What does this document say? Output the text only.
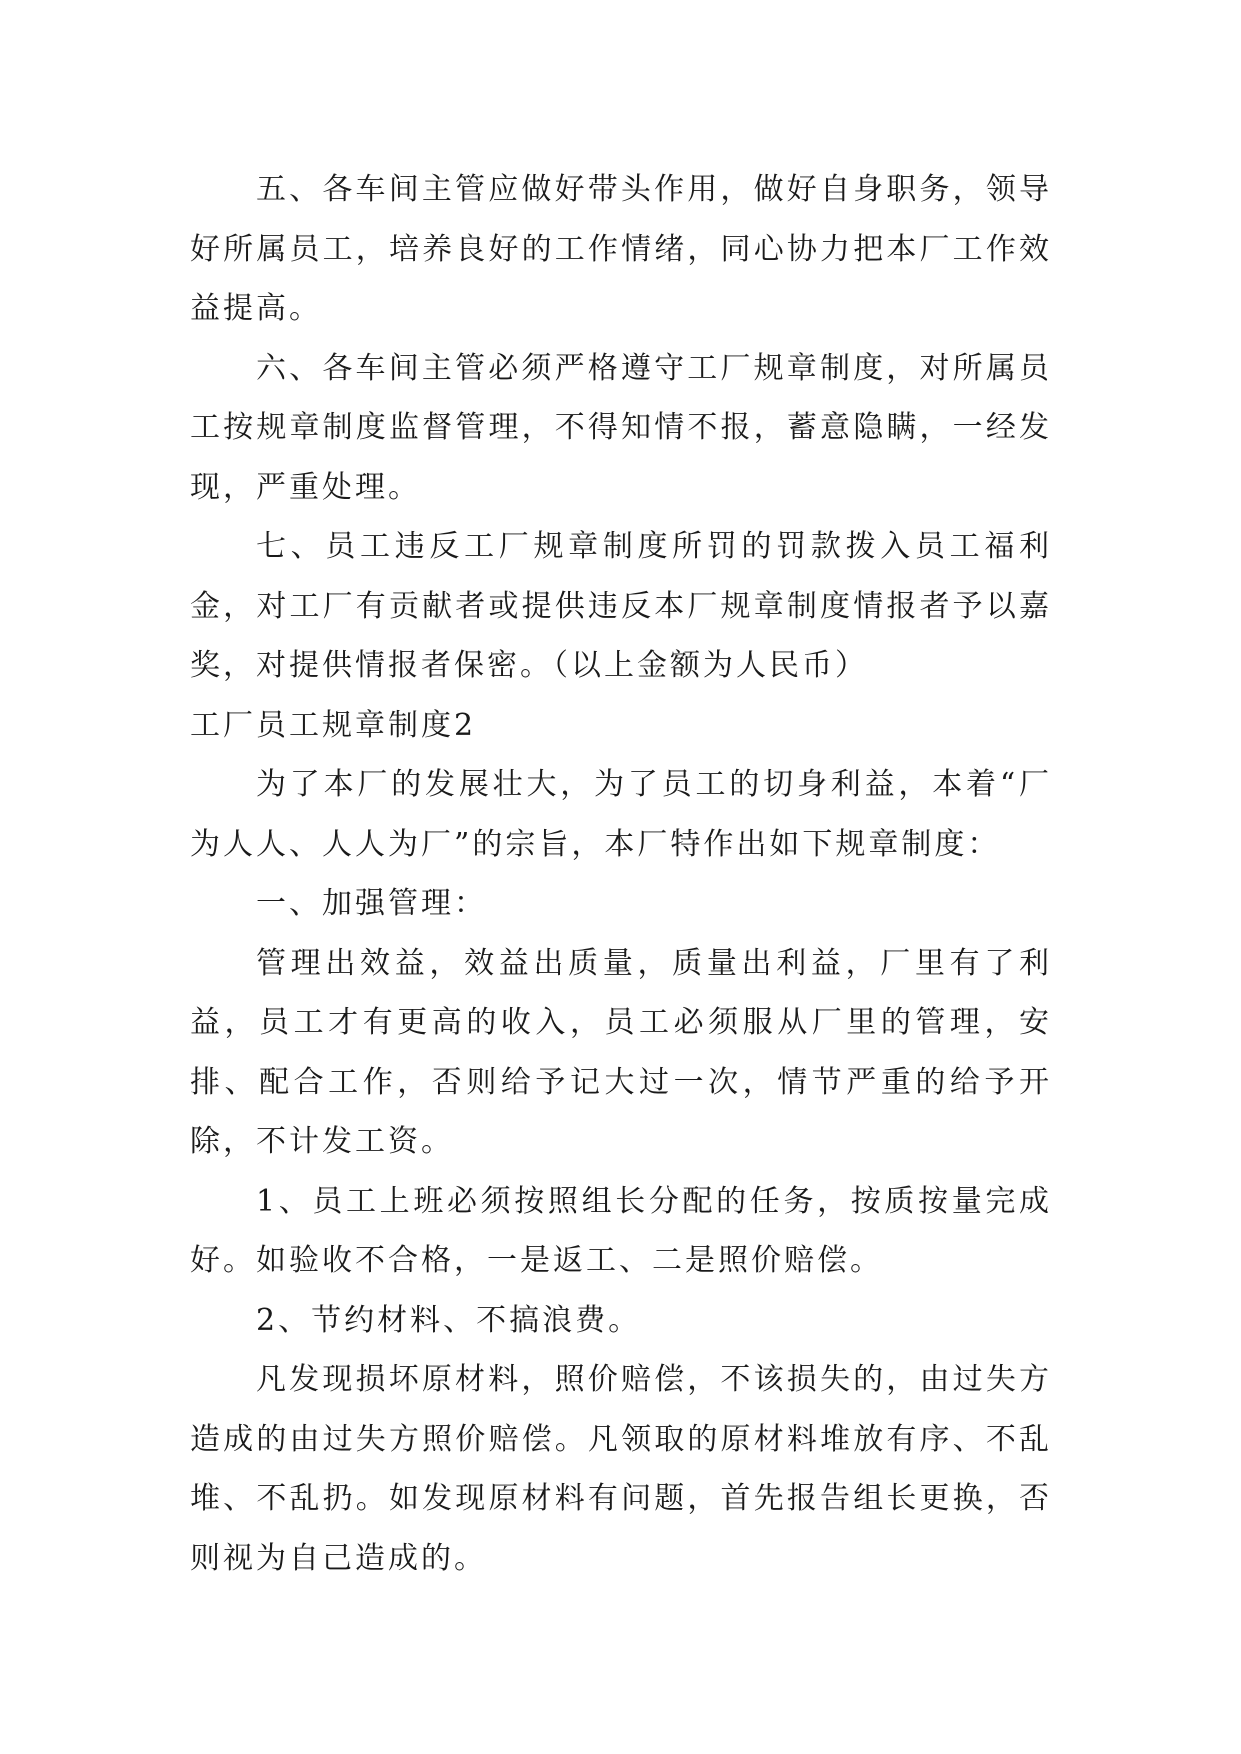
五、各车间主管应做好带头作用，做好自身职务，领导好所属员工，培养良好的工作情绪，同心协力把本厂工作效益提高。

六、各车间主管必须严格遵守工厂规章制度，对所属员工按规章制度监督管理，不得知情不报，蓄意隐瞒，一经发现，严重处理。

七、员工违反工厂规章制度所罚的罚款拨入员工福利金，对工厂有贡献者或提供违反本厂规章制度情报者予以嘉奖，对提供情报者保密。（以上金额为人民币）

工厂员工规章制度2

为了本厂的发展壮大，为了员工的切身利益，本着“厂为人人、人人为厂”的宗旨，本厂特作出如下规章制度：

一、加强管理：

管理出效益，效益出质量，质量出利益，厂里有了利益，员工才有更高的收入，员工必须服从厂里的管理，安排、配合工作，否则给予记大过一次，情节严重的给予开除，不计发工资。

1、员工上班必须按照组长分配的任务，按质按量完成好。如验收不合格，一是返工、二是照价赔偿。

2、节约材料、不搞浪费。

凡发现损坏原材料，照价赔偿，不该损失的，由过失方造成的由过失方照价赔偿。凡领取的原材料堆放有序、不乱堆、不乱扔。如发现原材料有问题，首先报告组长更换，否则视为自己造成的。
